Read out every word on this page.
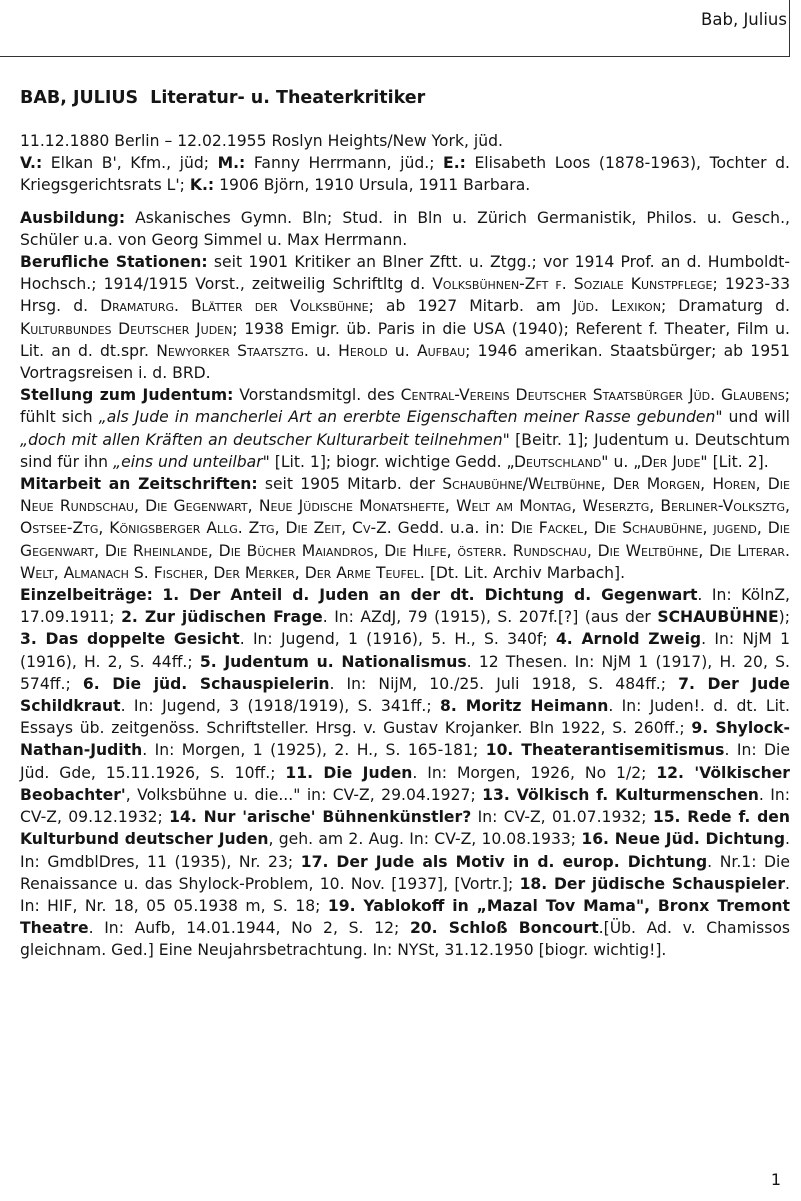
Bab, Julius
BAB, JULIUS Literatur- u. Theaterkritiker

11.12.1880 Berlin – 12.02.1955 Roslyn Heights/New York, jüd.

V.: Elkan B', Kfm., jüd; M.: Fanny Herrmann, jüd.; E.: Elisabeth Loos (1878-1963), Tochter d. Kriegsgerichtsrats L'; K.: 1906 Björn, 1910 Ursula, 1911 Barbara.

Ausbildung: Askanisches Gymn. Bln; Stud. in Bln u. Zürich Germanistik, Philos. u. Gesch., Schüler u.a. von Georg Simmel u. Max Herrmann.

Berufliche Stationen: seit 1901 Kritiker an Blner Zftt. u. Ztgg.; vor 1914 Prof. an d. Humboldt-Hochsch.; 1914/1915 Vorst., zeitweilig Schriftltg d. Volksbühnen-Zft f. Soziale Kunstpflege; 1923-33 Hrsg. d. Dramaturg. Blätter der Volksbühne; ab 1927 Mitarb. am Jüd. Lexikon; Dramaturg d. Kulturbundes Deutscher Juden; 1938 Emigr. üb. Paris in die USA (1940); Referent f. Theater, Film u. Lit. an d. dt.spr. Newyorker Staatsztg. u. Herold u. Aufbau; 1946 amerikan. Staatsbürger; ab 1951 Vortragsreisen i. d. BRD.

Stellung zum Judentum: Vorstandsmitgl. des Central-Vereins Deutscher Staatsbürger Jüd. Glaubens; fühlt sich „als Jude in mancherlei Art an ererbte Eigenschaften meiner Rasse gebunden" und will „doch mit allen Kräften an deutscher Kulturarbeit teilnehmen" [Beitr. 1]; Judentum u. Deutschtum sind für ihn „eins und unteilbar" [Lit. 1]; biogr. wichtige Gedd. „Deutschland" u. „Der Jude" [Lit. 2].

Mitarbeit an Zeitschriften: seit 1905 Mitarb. der Schaubühne/Weltbühne, Der Morgen, Horen, Die Neue Rundschau, Die Gegenwart, Neue Jüdische Monatshefte, Welt am Montag, Weserztg, Berliner-Volksztg, Ostsee-Ztg, Königsberger Allg. Ztg, Die Zeit, Cv-Z. Gedd. u.a. in: Die Fackel, Die Schaubühne, jugend, Die Gegenwart, Die Rheinlande, Die Bücher Maiandros, Die Hilfe, österr. Rundschau, Die Weltbühne, Die Literar. Welt, Almanach S. Fischer, Der Merker, Der Arme Teufel. [Dt. Lit. Archiv Marbach].

Einzelbeiträge: 1. Der Anteil d. Juden an der dt. Dichtung d. Gegenwart. In: KölnZ, 17.09.1911; 2. Zur jüdischen Frage. In: AZdJ, 79 (1915), S. 207f.[?] (aus der SCHAUBÜHNE); 3. Das doppelte Gesicht. In: Jugend, 1 (1916), 5. H., S. 340f; 4. Arnold Zweig. In: NjM 1 (1916), H. 2, S. 44ff.; 5. Judentum u. Nationalismus. 12 Thesen. In: NjM 1 (1917), H. 20, S. 574ff.; 6. Die jüd. Schauspielerin. In: NijM, 10./25. Juli 1918, S. 484ff.; 7. Der Jude Schildkraut. In: Jugend, 3 (1918/1919), S. 341ff.; 8. Moritz Heimann. In: Juden!. d. dt. Lit. Essays üb. zeitgenöss. Schriftsteller. Hrsg. v. Gustav Krojanker. Bln 1922, S. 260ff.; 9. Shylock-Nathan-Judith. In: Morgen, 1 (1925), 2. H., S. 165-181; 10. Theaterantisemitismus. In: Die Jüd. Gde, 15.11.1926, S. 10ff.; 11. Die Juden. In: Morgen, 1926, No 1/2; 12. 'Völkischer Beobachter', Volksbühne u. die..." in: CV-Z, 29.04.1927; 13. Völkisch f. Kulturmenschen. In: CV-Z, 09.12.1932; 14. Nur 'arische' Bühnenkünstler? In: CV-Z, 01.07.1932; 15. Rede f. den Kulturbund deutscher Juden, geh. am 2. Aug. In: CV-Z, 10.08.1933; 16. Neue Jüd. Dichtung. In: GmdblDres, 11 (1935), Nr. 23; 17. Der Jude als Motiv in d. europ. Dichtung. Nr.1: Die Renaissance u. das Shylock-Problem, 10. Nov. [1937], [Vortr.]; 18. Der jüdische Schauspieler. In: HIF, Nr. 18, 05 05.1938 m, S. 18; 19. Yablokoff in „Mazal Tov Mama", Bronx Tremont Theatre. In: Aufb, 14.01.1944, No 2, S. 12; 20. Schloß Boncourt.[Üb. Ad. v. Chamissos gleichnam. Ged.] Eine Neujahrsbetrachtung. In: NYSt, 31.12.1950 [biogr. wichtig!].

1
